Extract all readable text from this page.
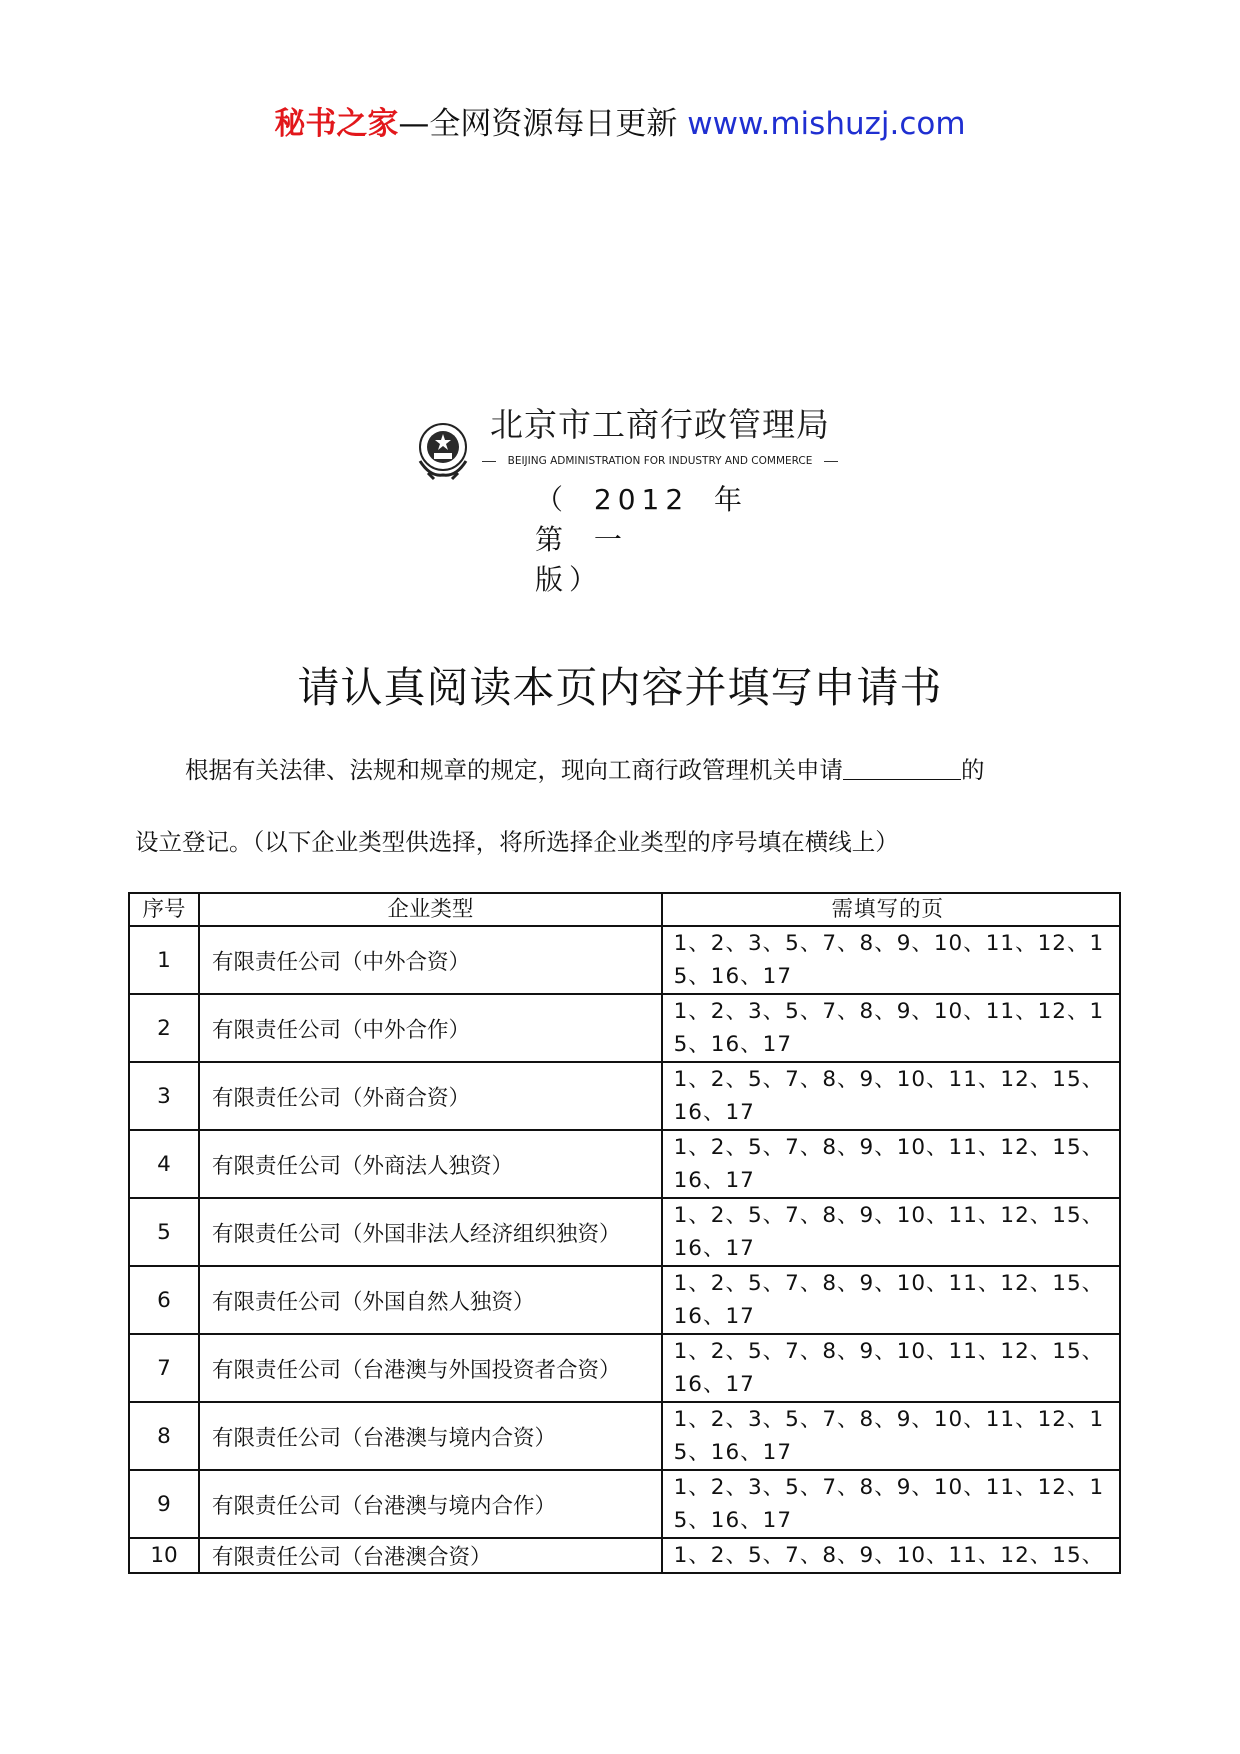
秘书之家—全网资源每日更新 www.mishuzj.com
北京市工商行政管理局
BEIJING ADMINISTRATION FOR INDUSTRY AND COMMERCE
（ 2012 年 第 一
版）
请认真阅读本页内容并填写申请书
根据有关法律、法规和规章的规定，现向工商行政管理机关申请	的
设立登记。（以下企业类型供选择，将所选择企业类型的序号填在横线上）
序号	企业类型	需填写的页
1	有限责任公司（中外合资）	1、2、3、5、7、8、9、10、11、12、15、16、17
2	有限责任公司（中外合作）	1、2、3、5、7、8、9、10、11、12、15、16、17
3	有限责任公司（外商合资）	1、2、5、7、8、9、10、11、12、15、16、17
4	有限责任公司（外商法人独资）	1、2、5、7、8、9、10、11、12、15、16、17
5	有限责任公司（外国非法人经济组织独资）	1、2、5、7、8、9、10、11、12、15、16、17
6	有限责任公司（外国自然人独资）	1、2、5、7、8、9、10、11、12、15、16、17
7	有限责任公司（台港澳与外国投资者合资）	1、2、5、7、8、9、10、11、12、15、16、17
8	有限责任公司（台港澳与境内合资）	1、2、3、5、7、8、9、10、11、12、15、16、17
9	有限责任公司（台港澳与境内合作）	1、2、3、5、7、8、9、10、11、12、15、16、17
10	有限责任公司（台港澳合资）	1、2、5、7、8、9、10、11、12、15、
